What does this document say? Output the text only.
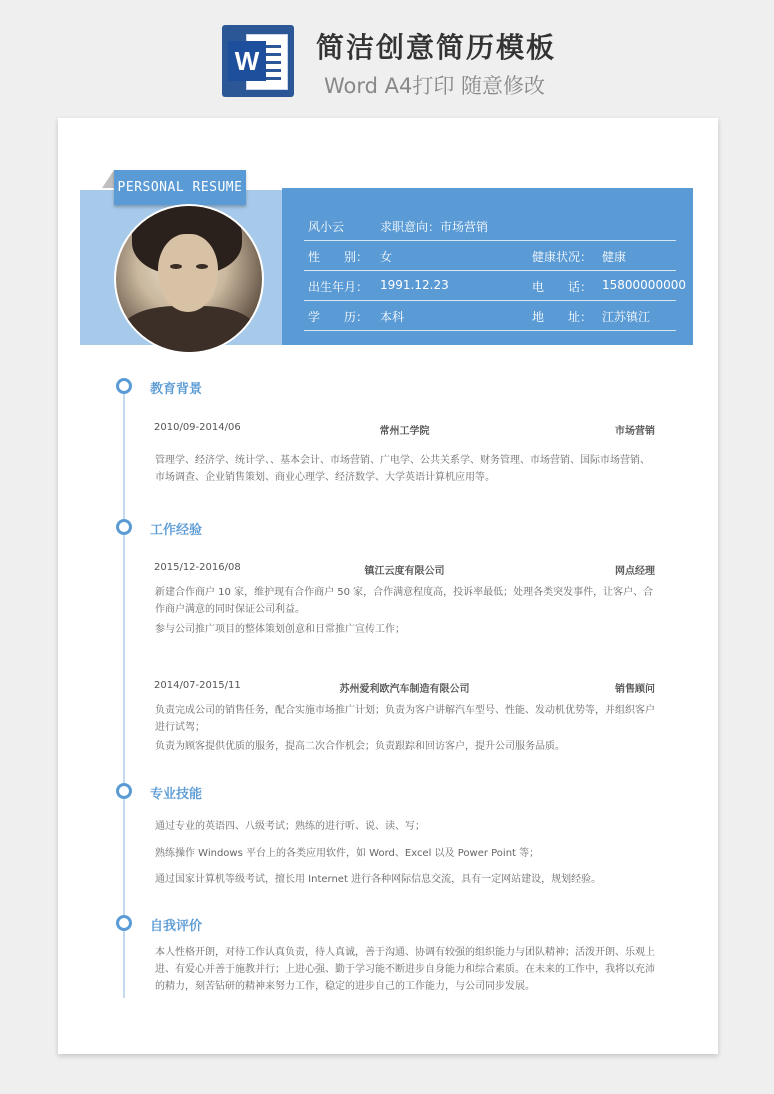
W 简洁创意简历模板
Word A4打印 随意修改
PERSONAL RESUME
风小云	求职意向：市场营销
性　　别： 女	健康状况： 健康
出生年月： 1991.12.23	电　　话： 15800000000
学　　历： 本科	地　　址： 江苏镇江
教育背景
2010/09-2014/06	常州工学院	市场营销
管理学、经济学、统计学、、基本会计、市场营销、广电学、公共关系学、财务管理、市场营销、国际市场营销、市场调查、企业销售策划、商业心理学、经济数学、大学英语计算机应用等。
工作经验
2015/12-2016/08	镇江云度有限公司	网点经理
新建合作商户 10 家，维护现有合作商户 50 家，合作满意程度高，投诉率最低；处理各类突发事件，让客户、合作商户满意的同时保证公司利益。
参与公司推广项目的整体策划创意和日常推广宣传工作；
2014/07-2015/11	苏州爱利欧汽车制造有限公司	销售顾问
负责完成公司的销售任务，配合实施市场推广计划；负责为客户讲解汽车型号、性能、发动机优势等，并组织客户进行试驾；
负责为顾客提供优质的服务，提高二次合作机会；负责跟踪和回访客户，提升公司服务品质。
专业技能
通过专业的英语四、八级考试；熟练的进行听、说、读、写；
熟练操作 Windows 平台上的各类应用软件，如 Word、Excel 以及 Power Point 等；
通过国家计算机等级考试，擅长用 Internet 进行各种网际信息交流，具有一定网站建设，规划经验。
自我评价
本人性格开朗，对待工作认真负责，待人真诚，善于沟通、协调有较强的组织能力与团队精神；活泼开朗、乐观上进、有爱心并善于施教并行；上进心强、勤于学习能不断进步自身能力和综合素质。在未来的工作中，我将以充沛的精力，刻苦钻研的精神来努力工作，稳定的进步自己的工作能力，与公司同步发展。
